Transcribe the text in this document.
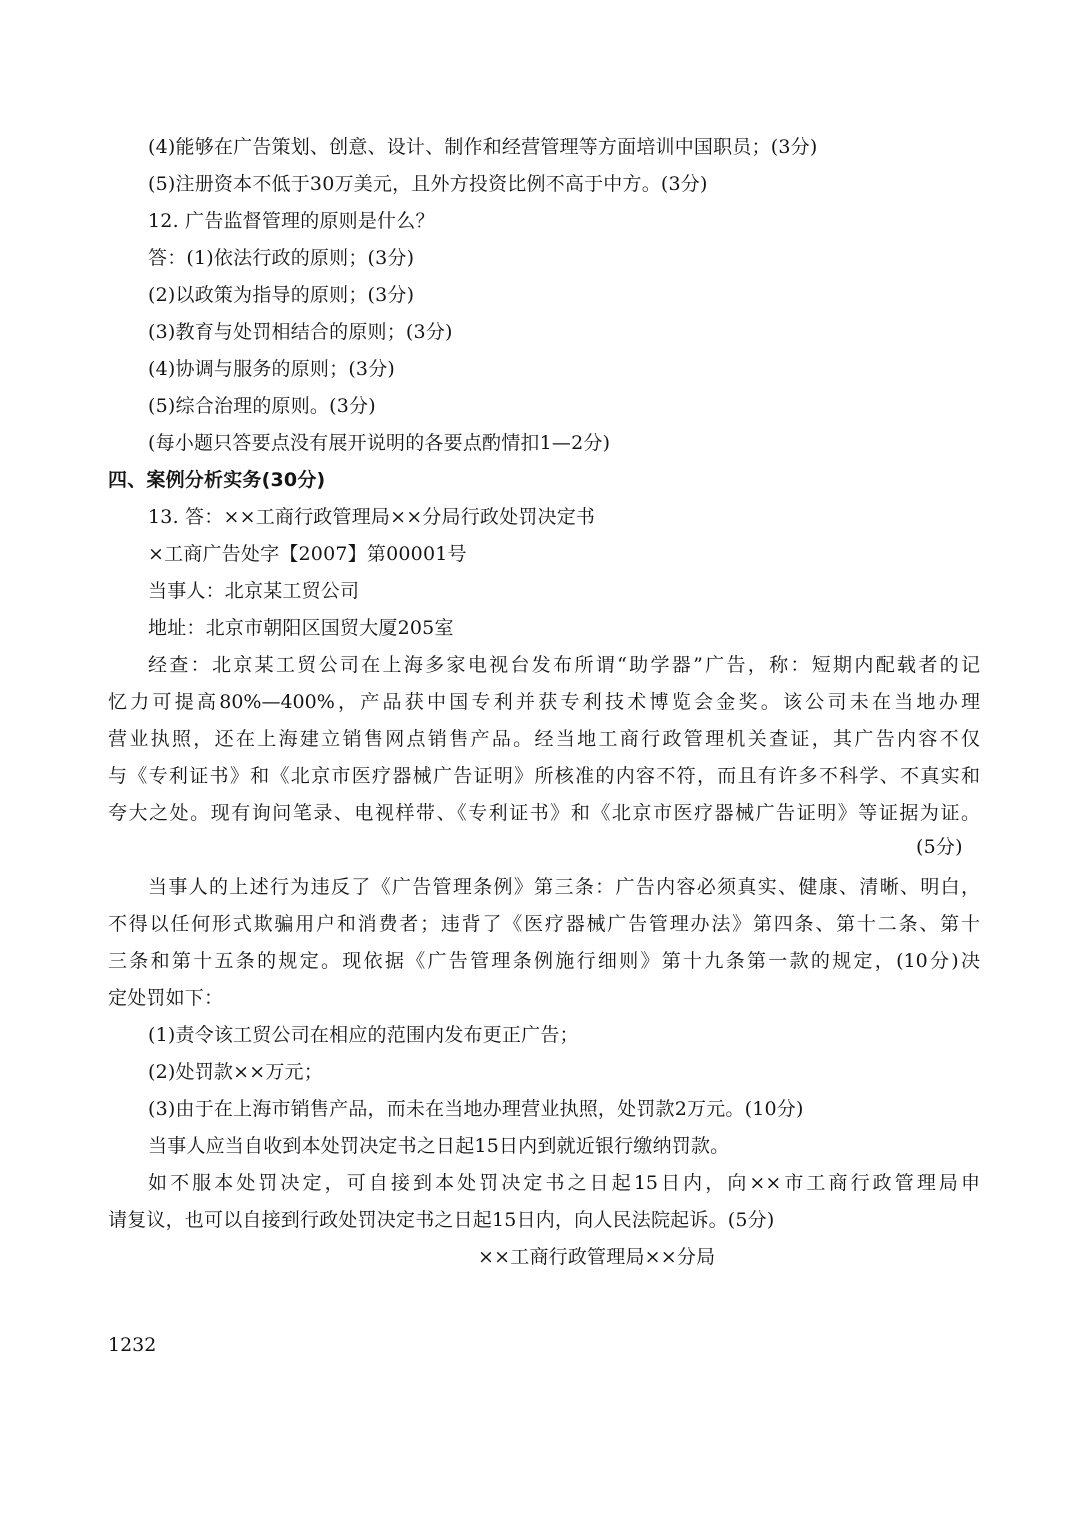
(4)能够在广告策划、创意、设计、制作和经营管理等方面培训中国职员；(3分)
(5)注册资本不低于30万美元，且外方投资比例不高于中方。(3分)
12. 广告监督管理的原则是什么？
答：(1)依法行政的原则；(3分)
(2)以政策为指导的原则；(3分)
(3)教育与处罚相结合的原则；(3分)
(4)协调与服务的原则；(3分)
(5)综合治理的原则。(3分)
(每小题只答要点没有展开说明的各要点酌情扣1—2分)
四、案例分析实务(30分)
13. 答：××工商行政管理局××分局行政处罚决定书
×工商广告处字【2007】第00001号
当事人：北京某工贸公司
地址：北京市朝阳区国贸大厦205室
经查：北京某工贸公司在上海多家电视台发布所谓“助学器”广告，称：短期内配载者的记
忆力可提高80%—400%，产品获中国专利并获专利技术博览会金奖。该公司未在当地办理
营业执照，还在上海建立销售网点销售产品。经当地工商行政管理机关查证，其广告内容不仅
与《专利证书》和《北京市医疗器械广告证明》所核准的内容不符，而且有许多不科学、不真实和
夸大之处。现有询问笔录、电视样带、《专利证书》和《北京市医疗器械广告证明》等证据为证。
(5分)
当事人的上述行为违反了《广告管理条例》第三条：广告内容必须真实、健康、清晰、明白，
不得以任何形式欺骗用户和消费者；违背了《医疗器械广告管理办法》第四条、第十二条、第十
三条和第十五条的规定。现依据《广告管理条例施行细则》第十九条第一款的规定，(10分)决
定处罚如下：
(1)责令该工贸公司在相应的范围内发布更正广告；
(2)处罚款××万元；
(3)由于在上海市销售产品，而未在当地办理营业执照，处罚款2万元。(10分)
当事人应当自收到本处罚决定书之日起15日内到就近银行缴纳罚款。
如不服本处罚决定，可自接到本处罚决定书之日起15日内，向××市工商行政管理局申
请复议，也可以自接到行政处罚决定书之日起15日内，向人民法院起诉。(5分)
××工商行政管理局××分局
1232
